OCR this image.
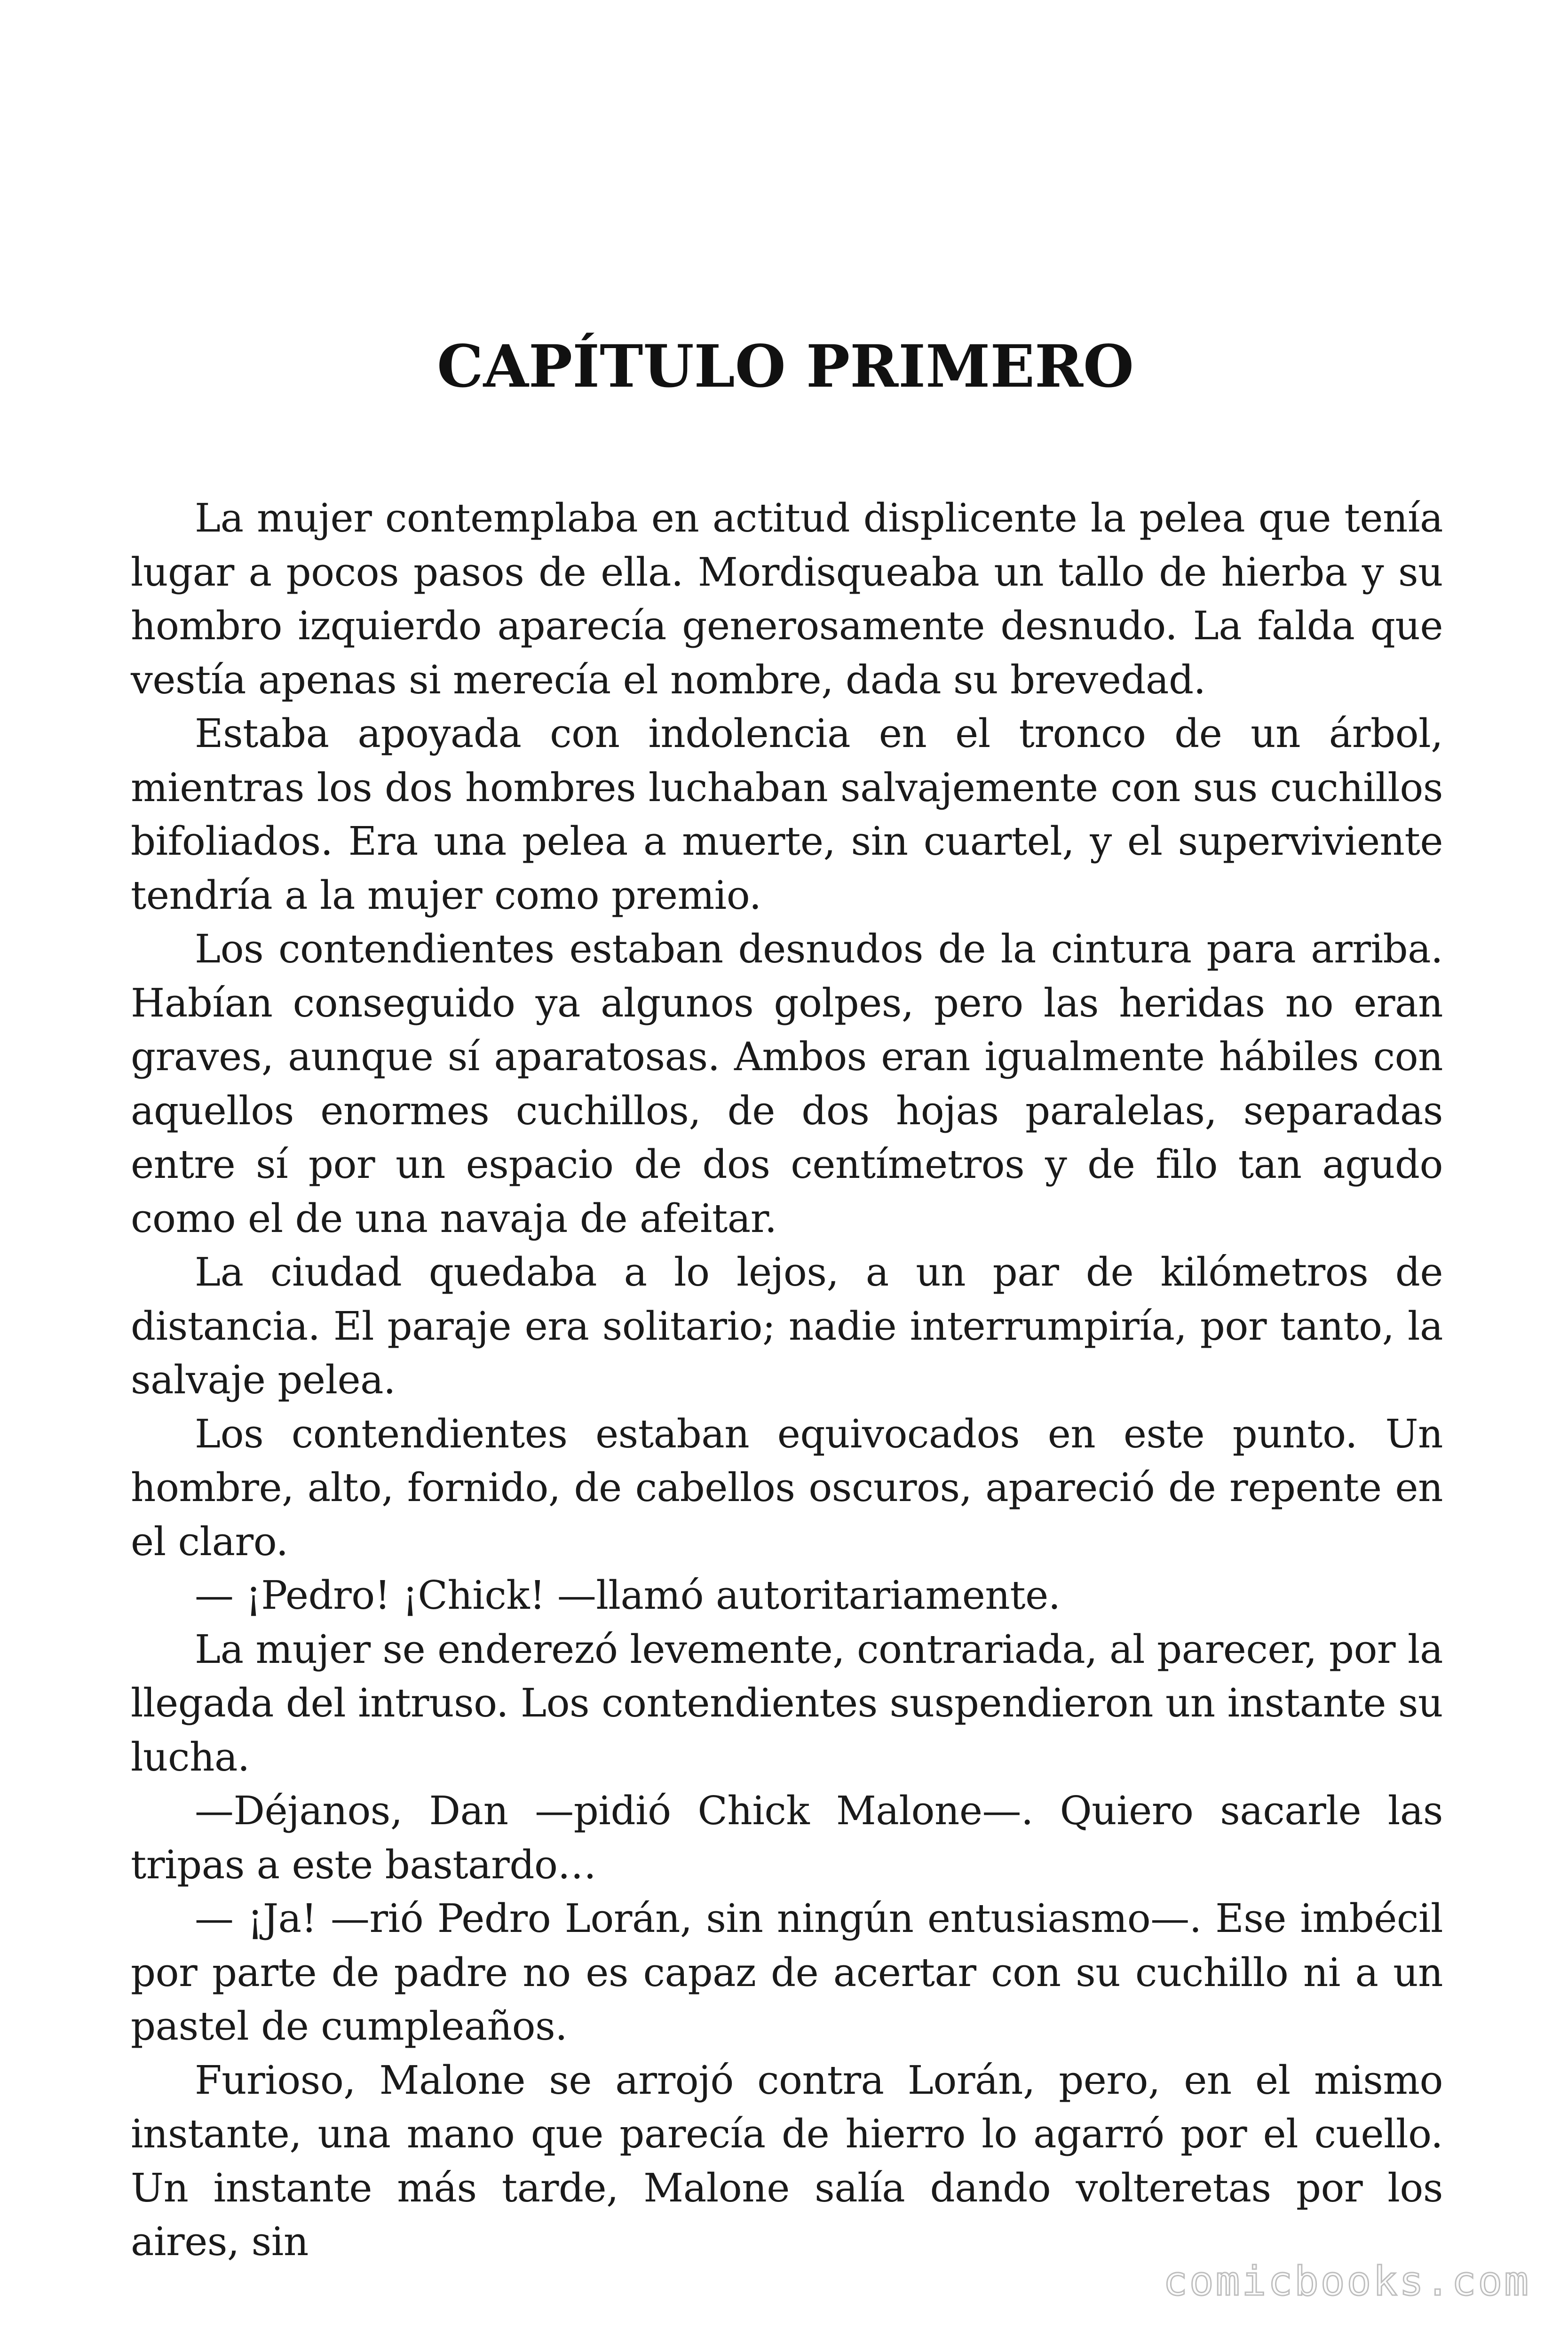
CAPÍTULO PRIMERO

La mujer contemplaba en actitud displicente la pelea que tenía lugar a pocos pasos de ella. Mordisqueaba un tallo de hierba y su hombro izquierdo aparecía generosamente desnudo. La falda que vestía apenas si merecía el nombre, dada su brevedad.

Estaba apoyada con indolencia en el tronco de un árbol, mientras los dos hombres luchaban salvajemente con sus cuchillos bifoliados. Era una pelea a muerte, sin cuartel, y el superviviente tendría a la mujer como premio.

Los contendientes estaban desnudos de la cintura para arriba. Habían conseguido ya algunos golpes, pero las heridas no eran graves, aunque sí aparatosas. Ambos eran igualmente hábiles con aquellos enormes cuchillos, de dos hojas paralelas, separadas entre sí por un espacio de dos centímetros y de filo tan agudo como el de una navaja de afeitar.

La ciudad quedaba a lo lejos, a un par de kilómetros de distancia. El paraje era solitario; nadie interrumpiría, por tanto, la salvaje pelea.

Los contendientes estaban equivocados en este punto. Un hombre, alto, fornido, de cabellos oscuros, apareció de repente en el claro.

— ¡Pedro! ¡Chick! —llamó autoritariamente.

La mujer se enderezó levemente, contrariada, al parecer, por la llegada del intruso. Los contendientes suspendieron un instante su lucha.

—Déjanos, Dan —pidió Chick Malone—. Quiero sacarle las tripas a este bastardo…

— ¡Ja! —rió Pedro Lorán, sin ningún entusiasmo—. Ese imbécil por parte de padre no es capaz de acertar con su cuchillo ni a un pastel de cumpleaños.

Furioso, Malone se arrojó contra Lorán, pero, en el mismo instante, una mano que parecía de hierro lo agarró por el cuello. Un instante más tarde, Malone salía dando volteretas por los aires, sin

comicbooks.com
